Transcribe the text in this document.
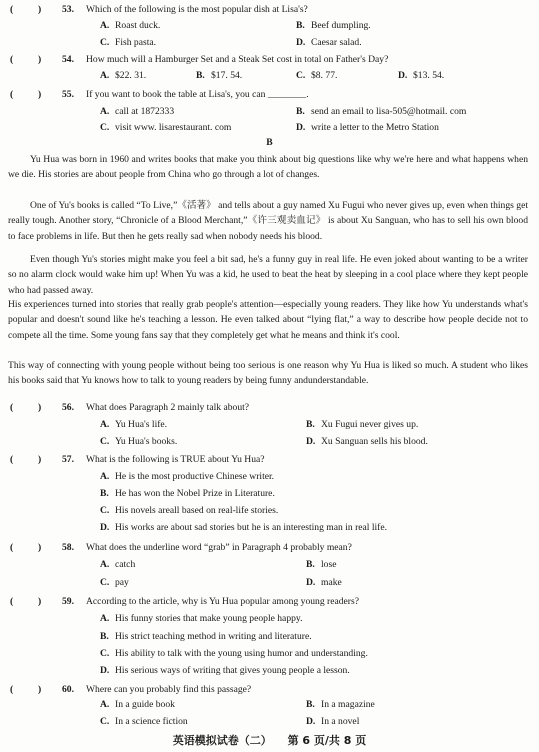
(	) 53. Which of the following is the most popular dish at Lisa's?
A. Roast duck.	B. Beef dumpling.
C. Fish pasta.	D. Caesar salad.
(	) 54. How much will a Hamburger Set and a Steak Set cost in total on Father's Day?
A. $22. 31.	B. $17. 54.	C. $8. 77.	D. $13. 54.
(	) 55. If you want to book the table at Lisa's, you can ________.
A. call at 1872333	B. send an email to lisa-505@hotmail. com
C. visit www. lisarestaurant. com	D. write a letter to the Metro Station
B
Yu Hua was born in 1960 and writes books that make you think about big questions like why we're here and what happens when we die. His stories are about people from China who go through a lot of changes.
One of Yu's books is called “To Live,”《活著》 and tells about a guy named Xu Fugui who never gives up, even when things get really tough. Another story, “Chronicle of a Blood Merchant,”《许三观卖血记》 is about Xu Sanguan, who has to sell his own blood to face problems in life. But then he gets really sad when nobody needs his blood.
Even though Yu's stories might make you feel a bit sad, he's a funny guy in real life. He even joked about wanting to be a writer so no alarm clock would wake him up! When Yu was a kid, he used to beat the heat by sleeping in a cool place where they kept people who had passed away.
His experiences turned into stories that really grab people's attention—especially young readers. They like how Yu understands what's popular and doesn't sound like he's teaching a lesson. He even talked about “lying flat,” a way to describe how people decide not to compete all the time. Some young fans say that they completely get what he means and think it's cool.
This way of connecting with young people without being too serious is one reason why Yu Hua is liked so much. A student who likes his books said that Yu knows how to talk to young readers by being funny andunderstandable.
(	) 56. What does Paragraph 2 mainly talk about?
A. Yu Hua's life.	B. Xu Fugui never gives up.
C. Yu Hua's books.	D. Xu Sanguan sells his blood.
(	) 57. What is the following is TRUE about Yu Hua?
A. He is the most productive Chinese writer.
B. He has won the Nobel Prize in Literature.
C. His novels areall based on real-life stories.
D. His works are about sad stories but he is an interesting man in real life.
(	) 58. What does the underline word “grab” in Paragraph 4 probably mean?
A. catch	B. lose
C. pay	D. make
(	) 59. According to the article, why is Yu Hua popular among young readers?
A. His funny stories that make young people happy.
B. His strict teaching method in writing and literature.
C. His ability to talk with the young using humor and understanding.
D. His serious ways of writing that gives young people a lesson.
(	) 60. Where can you probably find this passage?
英语模拟试卷（二） 第 6 页/共 8 页
A. In a guide book	B. In a magazine
C. In a science fiction	D. In a novel
